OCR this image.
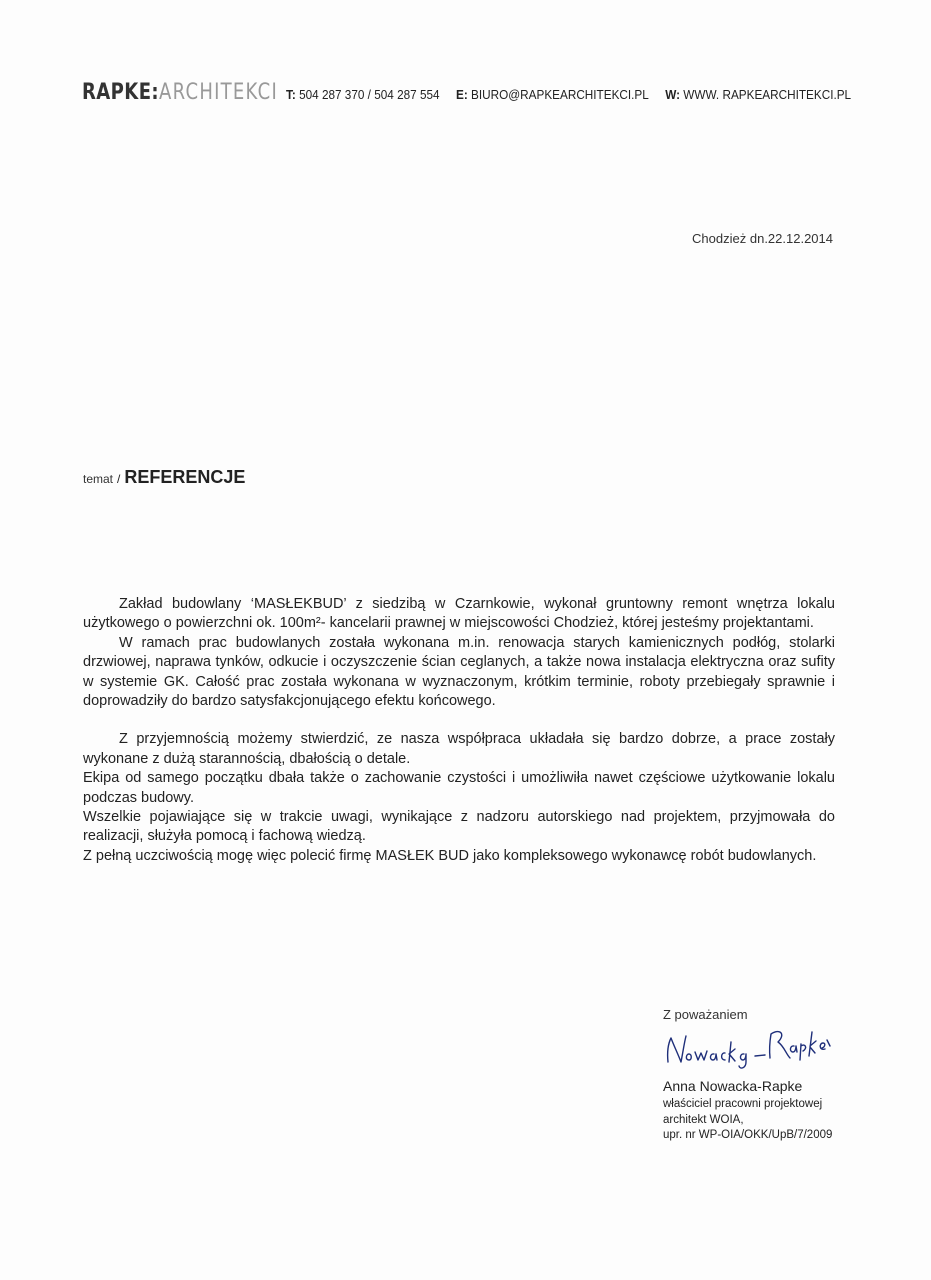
RAPKE:ARCHITEKCI T: 504 287 370 / 504 287 554 E: BIURO@RAPKEARCHITEKCI.PL W: WWW. RAPKEARCHITEKCI.PL
Chodzież dn.22.12.2014
temat / REFERENCJE

Zakład budowlany ‘MASŁEKBUD’ z siedzibą w Czarnkowie, wykonał gruntowny remont wnętrza lokalu użytkowego o powierzchni ok. 100m²- kancelarii prawnej w miejscowości Chodzież, której jesteśmy projektantami.

W ramach prac budowlanych została wykonana m.in. renowacja starych kamienicznych podłóg, stolarki drzwiowej, naprawa tynków, odkucie i oczyszczenie ścian ceglanych, a także nowa instalacja elektryczna oraz sufity w systemie GK. Całość prac została wykonana w wyznaczonym, krótkim terminie, roboty przebiegały sprawnie i doprowadziły do bardzo satysfakcjonującego efektu końcowego.

Z przyjemnością możemy stwierdzić, ze nasza współpraca układała się bardzo dobrze, a prace zostały wykonane z dużą starannością, dbałością o detale.

Ekipa od samego początku dbała także o zachowanie czystości i umożliwiła nawet częściowe użytkowanie lokalu podczas budowy.

Wszelkie pojawiające się w trakcie uwagi, wynikające z nadzoru autorskiego nad projektem, przyjmowała do realizacji, służyła pomocą i fachową wiedzą.

Z pełną uczciwością mogę więc polecić firmę MASŁEK BUD jako kompleksowego wykonawcę robót budowlanych.

Z poważaniem
Anna Nowacka-Rapke
właściciel pracowni projektowej
architekt WOIA,
upr. nr WP-OIA/OKK/UpB/7/2009
